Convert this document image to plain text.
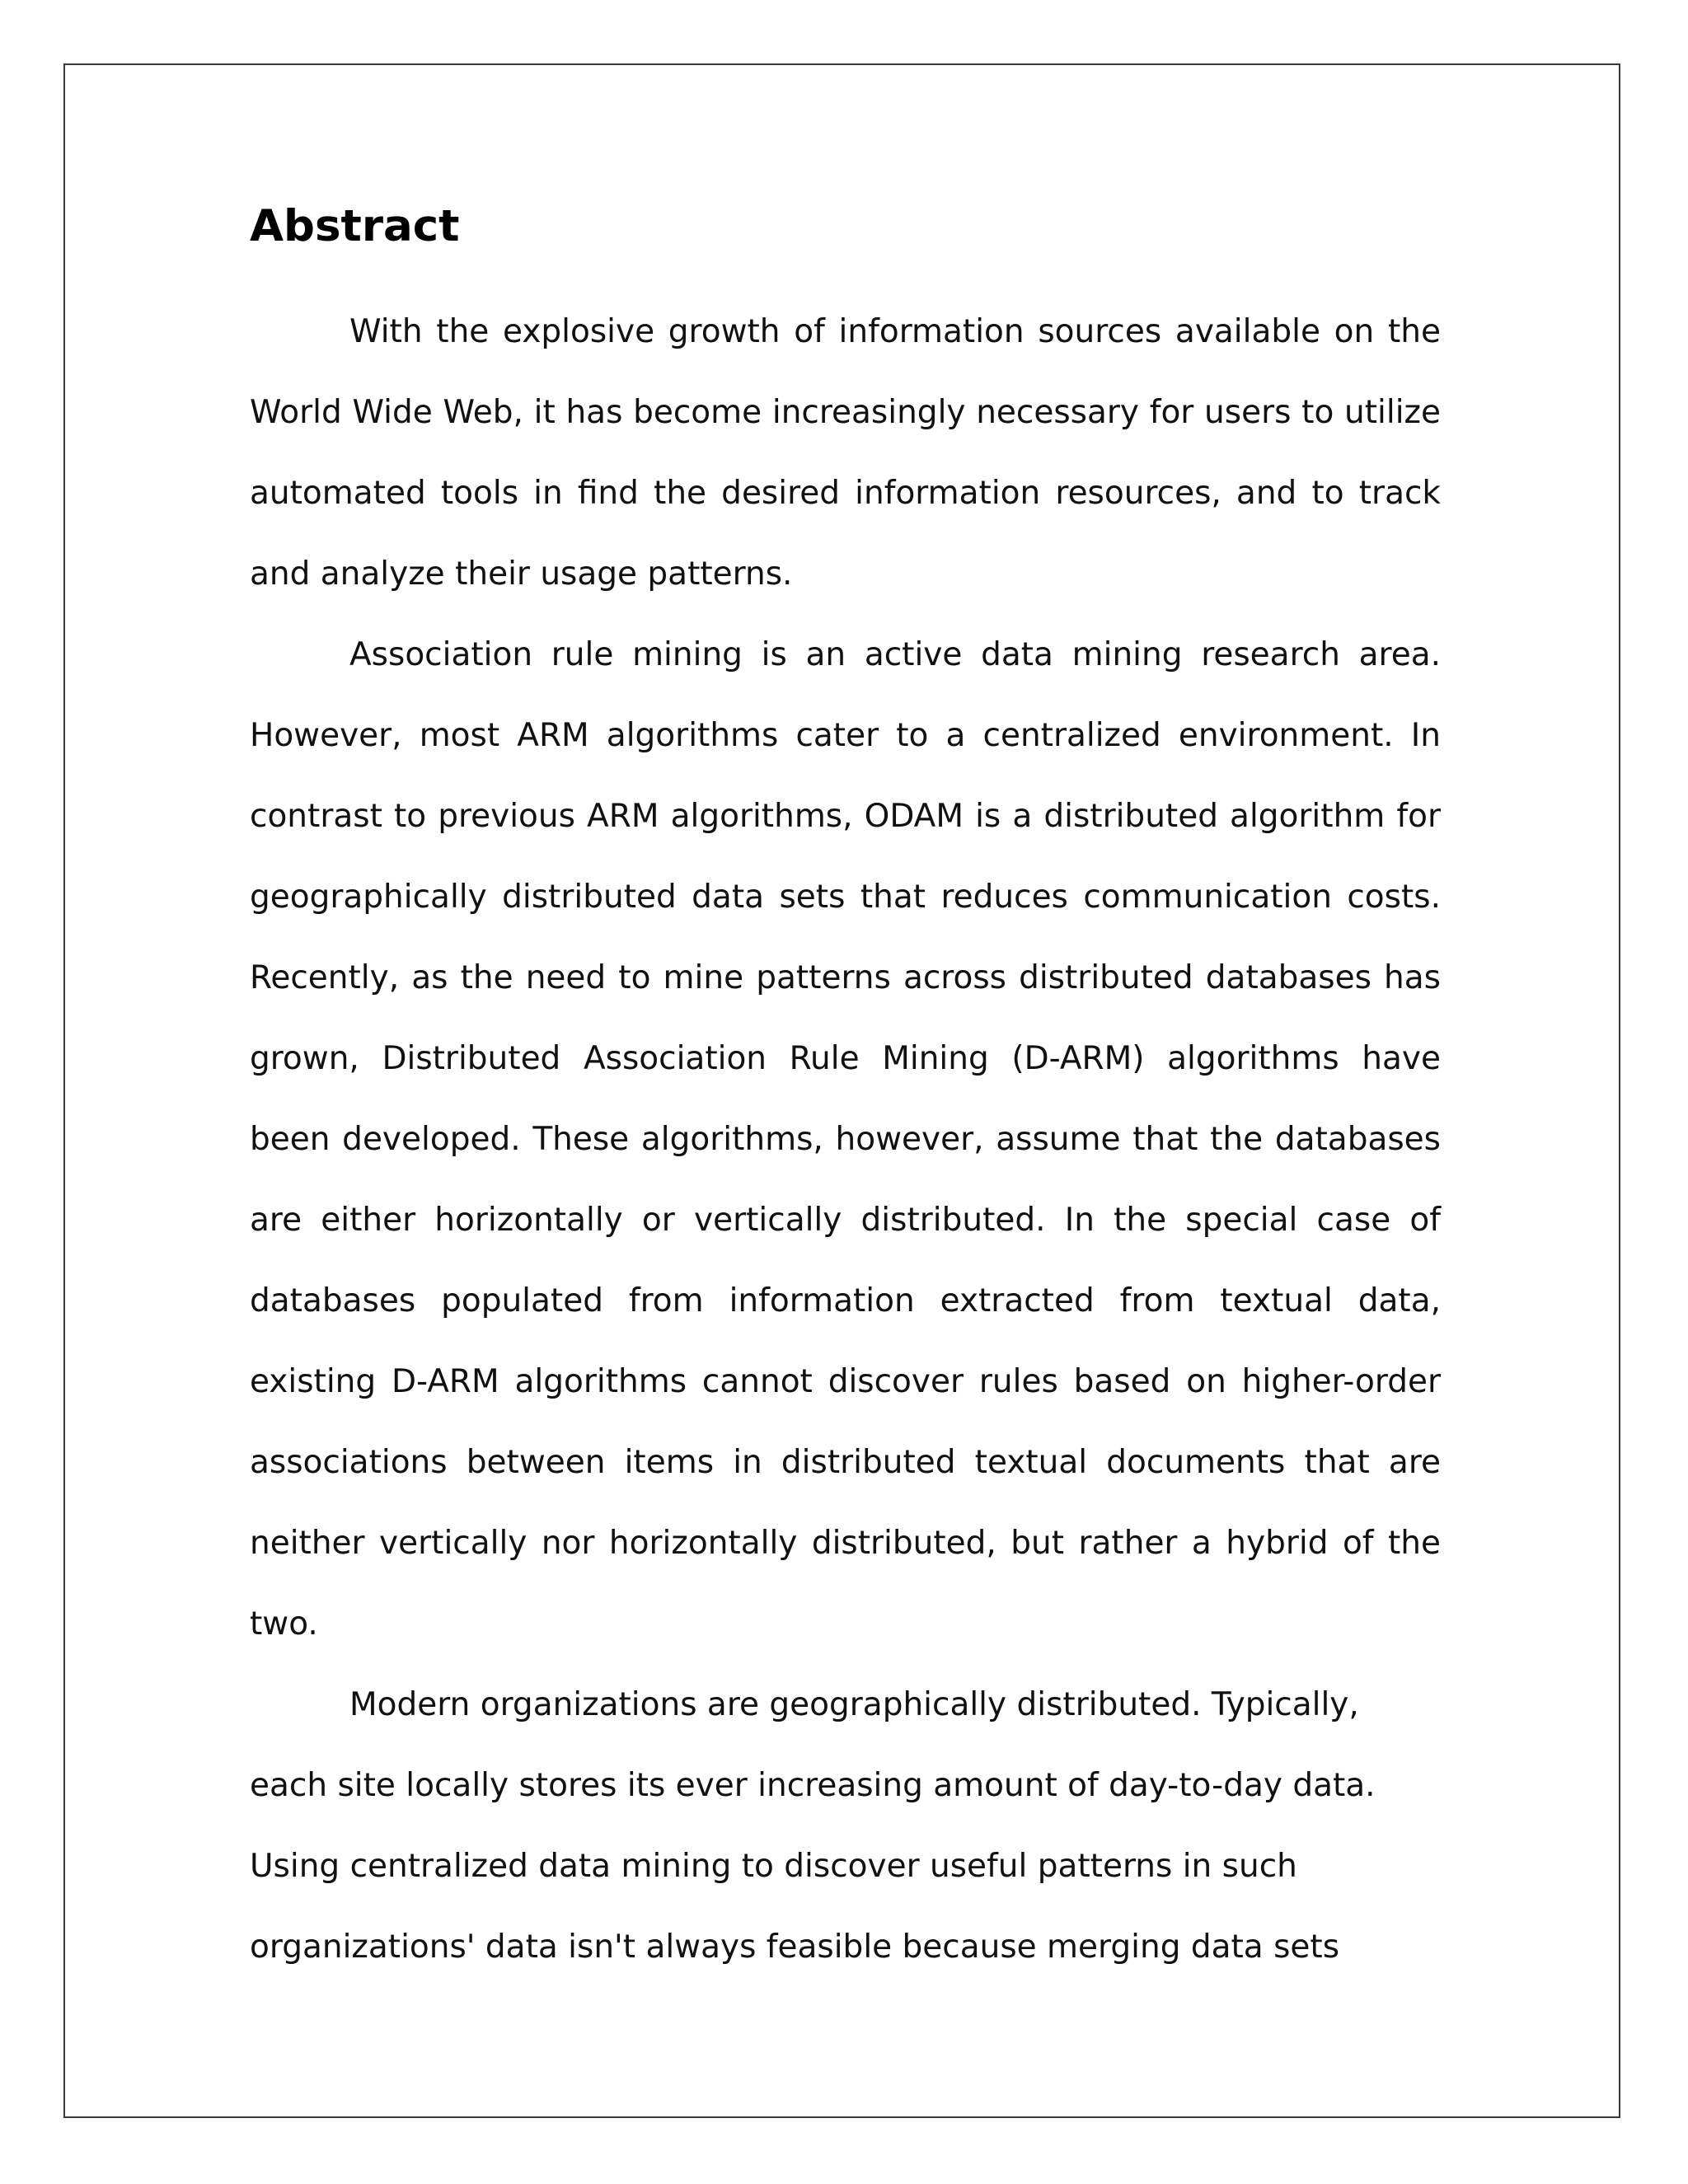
Abstract

With the explosive growth of information sources available on the World Wide Web, it has become increasingly necessary for users to utilize automated tools in find the desired information resources, and to track and analyze their usage patterns.

Association rule mining is an active data mining research area. However, most ARM algorithms cater to a centralized environment. In contrast to previous ARM algorithms, ODAM is a distributed algorithm for geographically distributed data sets that reduces communication costs. Recently, as the need to mine patterns across distributed databases has grown, Distributed Association Rule Mining (D-ARM) algorithms have been developed. These algorithms, however, assume that the databases are either horizontally or vertically distributed. In the special case of databases populated from information extracted from textual data, existing D-ARM algorithms cannot discover rules based on higher-order associations between items in distributed textual documents that are neither vertically nor horizontally distributed, but rather a hybrid of the two.

Modern organizations are geographically distributed. Typically, each site locally stores its ever increasing amount of day-to-day data. Using centralized data mining to discover useful patterns in such organizations' data isn't always feasible because merging data sets
